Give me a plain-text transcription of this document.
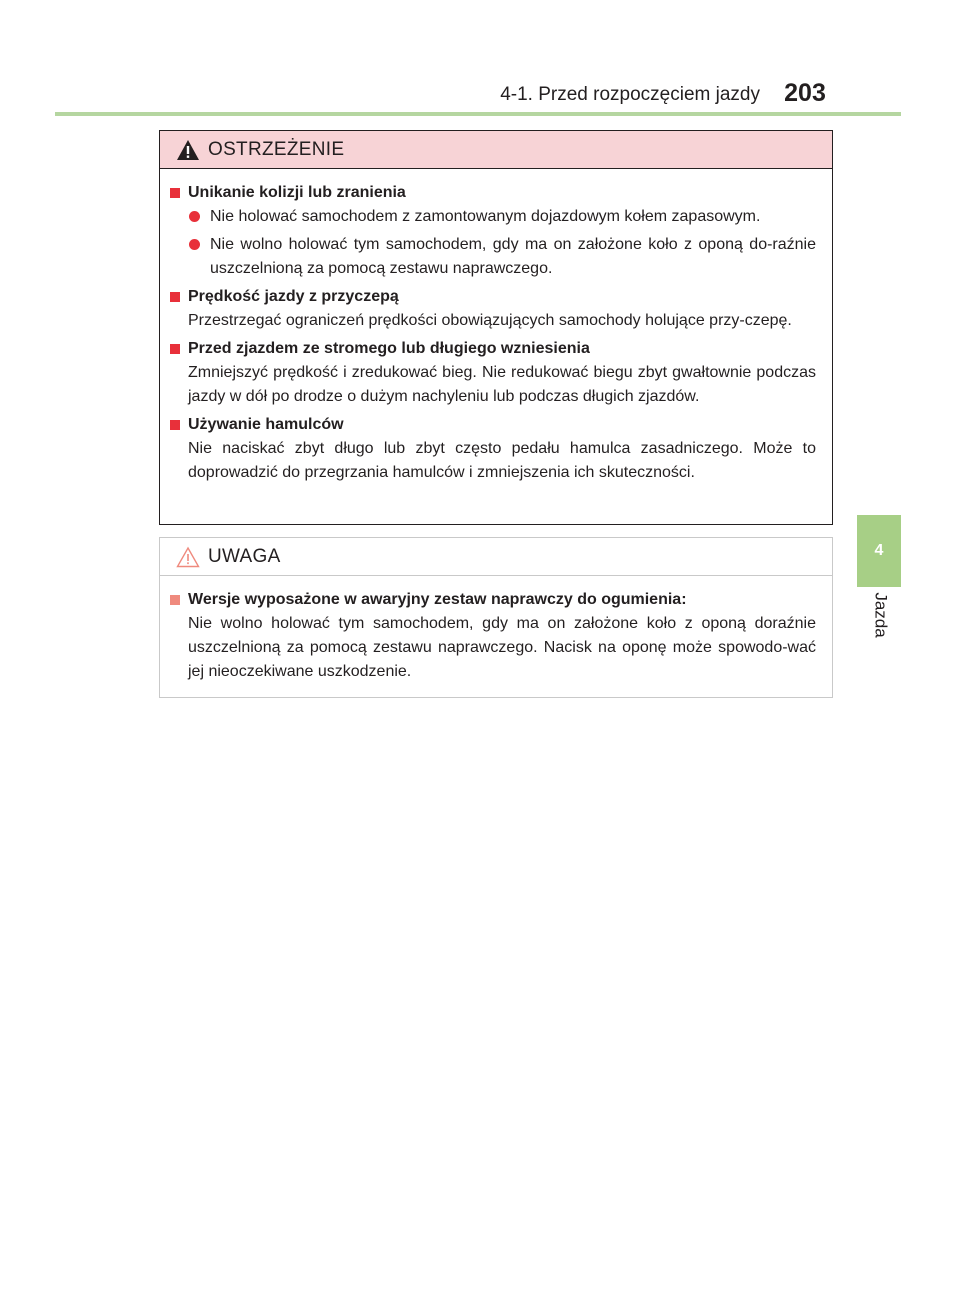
4-1. Przed rozpoczęciem jazdy 203
4
Jazda
OSTRZEŻENIE
Unikanie kolizji lub zranienia
Nie holować samochodem z zamontowanym dojazdowym kołem zapasowym.
Nie wolno holować tym samochodem, gdy ma on założone koło z oponą do-raźnie uszczelnioną za pomocą zestawu naprawczego.
Prędkość jazdy z przyczepą
Przestrzegać ograniczeń prędkości obowiązujących samochody holujące przy-czepę.
Przed zjazdem ze stromego lub długiego wzniesienia
Zmniejszyć prędkość i zredukować bieg. Nie redukować biegu zbyt gwałtownie podczas jazdy w dół po drodze o dużym nachyleniu lub podczas długich zjazdów.
Używanie hamulców
Nie naciskać zbyt długo lub zbyt często pedału hamulca zasadniczego. Może to doprowadzić do przegrzania hamulców i zmniejszenia ich skuteczności.
UWAGA
Wersje wyposażone w awaryjny zestaw naprawczy do ogumienia:
Nie wolno holować tym samochodem, gdy ma on założone koło z oponą doraźnie uszczelnioną za pomocą zestawu naprawczego. Nacisk na oponę może spowodo-wać jej nieoczekiwane uszkodzenie.
